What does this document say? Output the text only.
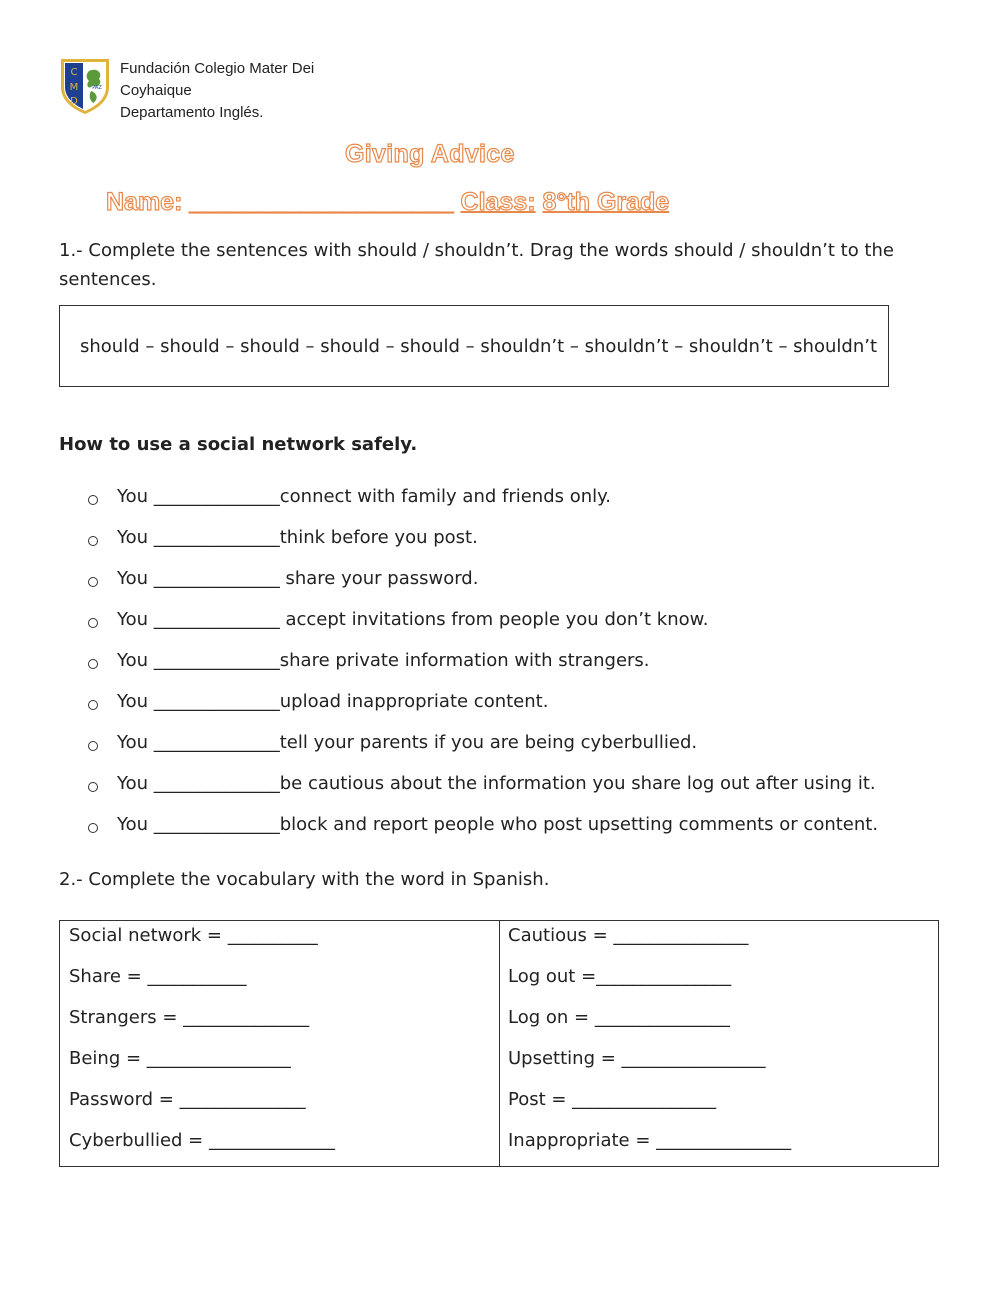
C
M
D
PAZ
Fundación Colegio Mater Dei
Coyhaique
Departamento Inglés.
Giving Advice
Name: ___________________ Class: 8°th Grade
1.- Complete the sentences with should / shouldn’t. Drag the words should / shouldn’t to the sentences.
should – should – should – should – should – shouldn’t – shouldn’t – shouldn’t – shouldn’t
How to use a social network safely.
You ______________connect with family and friends only.
You ______________think before you post.
You ______________ share your password.
You ______________ accept invitations from people you don’t know.
You ______________share private information with strangers.
You ______________upload inappropriate content.
You ______________tell your parents if you are being cyberbullied.
You ______________be cautious about the information you share log out after using it.
You ______________block and report people who post upsetting comments or content.
2.- Complete the vocabulary with the word in Spanish.
Social network = __________
Share = ___________
Strangers = ______________
Being = ________________
Password = ______________
Cyberbullied = ______________
Cautious = _______________
Log out =_______________
Log on = _______________
Upsetting = ________________
Post = ________________
Inappropriate = _______________
